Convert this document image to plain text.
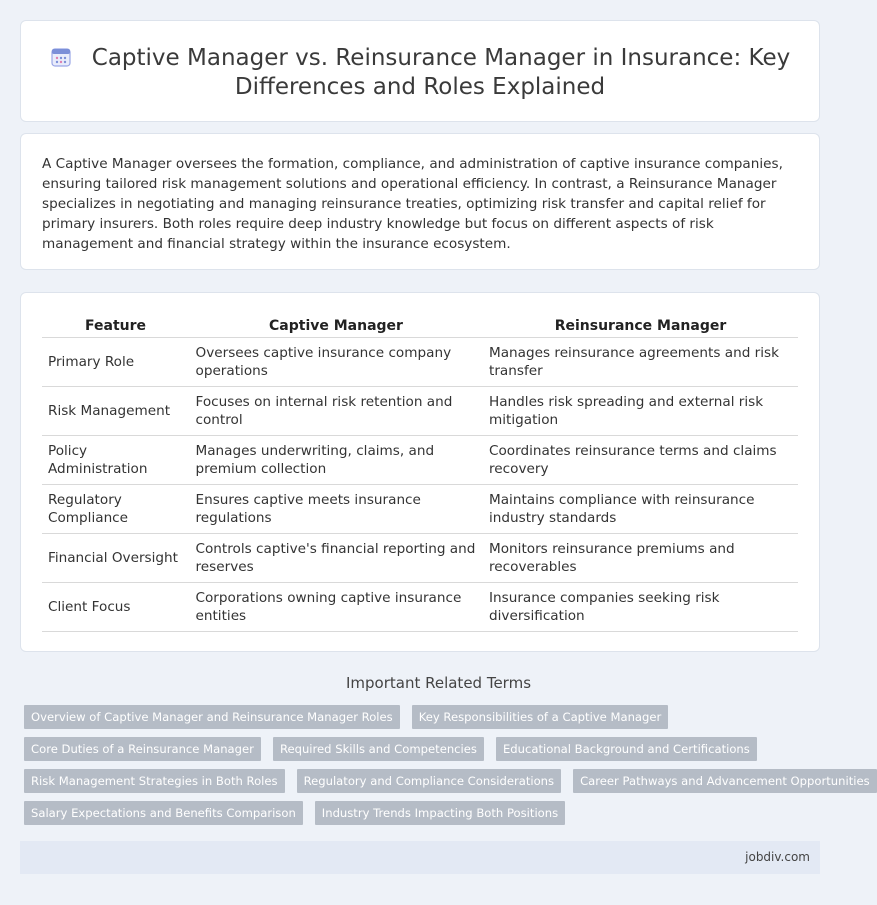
Captive Manager vs. Reinsurance Manager in Insurance: Key Differences and Roles Explained

A Captive Manager oversees the formation, compliance, and administration of captive insurance companies, ensuring tailored risk management solutions and operational efficiency. In contrast, a Reinsurance Manager specializes in negotiating and managing reinsurance treaties, optimizing risk transfer and capital relief for primary insurers. Both roles require deep industry knowledge but focus on different aspects of risk management and financial strategy within the insurance ecosystem.

Feature	Captive Manager	Reinsurance Manager
Primary Role	Oversees captive insurance company operations	Manages reinsurance agreements and risk transfer
Risk Management	Focuses on internal risk retention and control	Handles risk spreading and external risk mitigation
Policy Administration	Manages underwriting, claims, and premium collection	Coordinates reinsurance terms and claims recovery
Regulatory Compliance	Ensures captive meets insurance regulations	Maintains compliance with reinsurance industry standards
Financial Oversight	Controls captive's financial reporting and reserves	Monitors reinsurance premiums and recoverables
Client Focus	Corporations owning captive insurance entities	Insurance companies seeking risk diversification
Important Related Terms
Overview of Captive Manager and Reinsurance Manager Roles	Key Responsibilities of a Captive Manager
Core Duties of a Reinsurance Manager	Required Skills and Competencies	Educational Background and Certifications
Risk Management Strategies in Both Roles	Regulatory and Compliance Considerations	Career Pathways and Advancement Opportunities
Salary Expectations and Benefits Comparison	Industry Trends Impacting Both Positions
jobdiv.com
